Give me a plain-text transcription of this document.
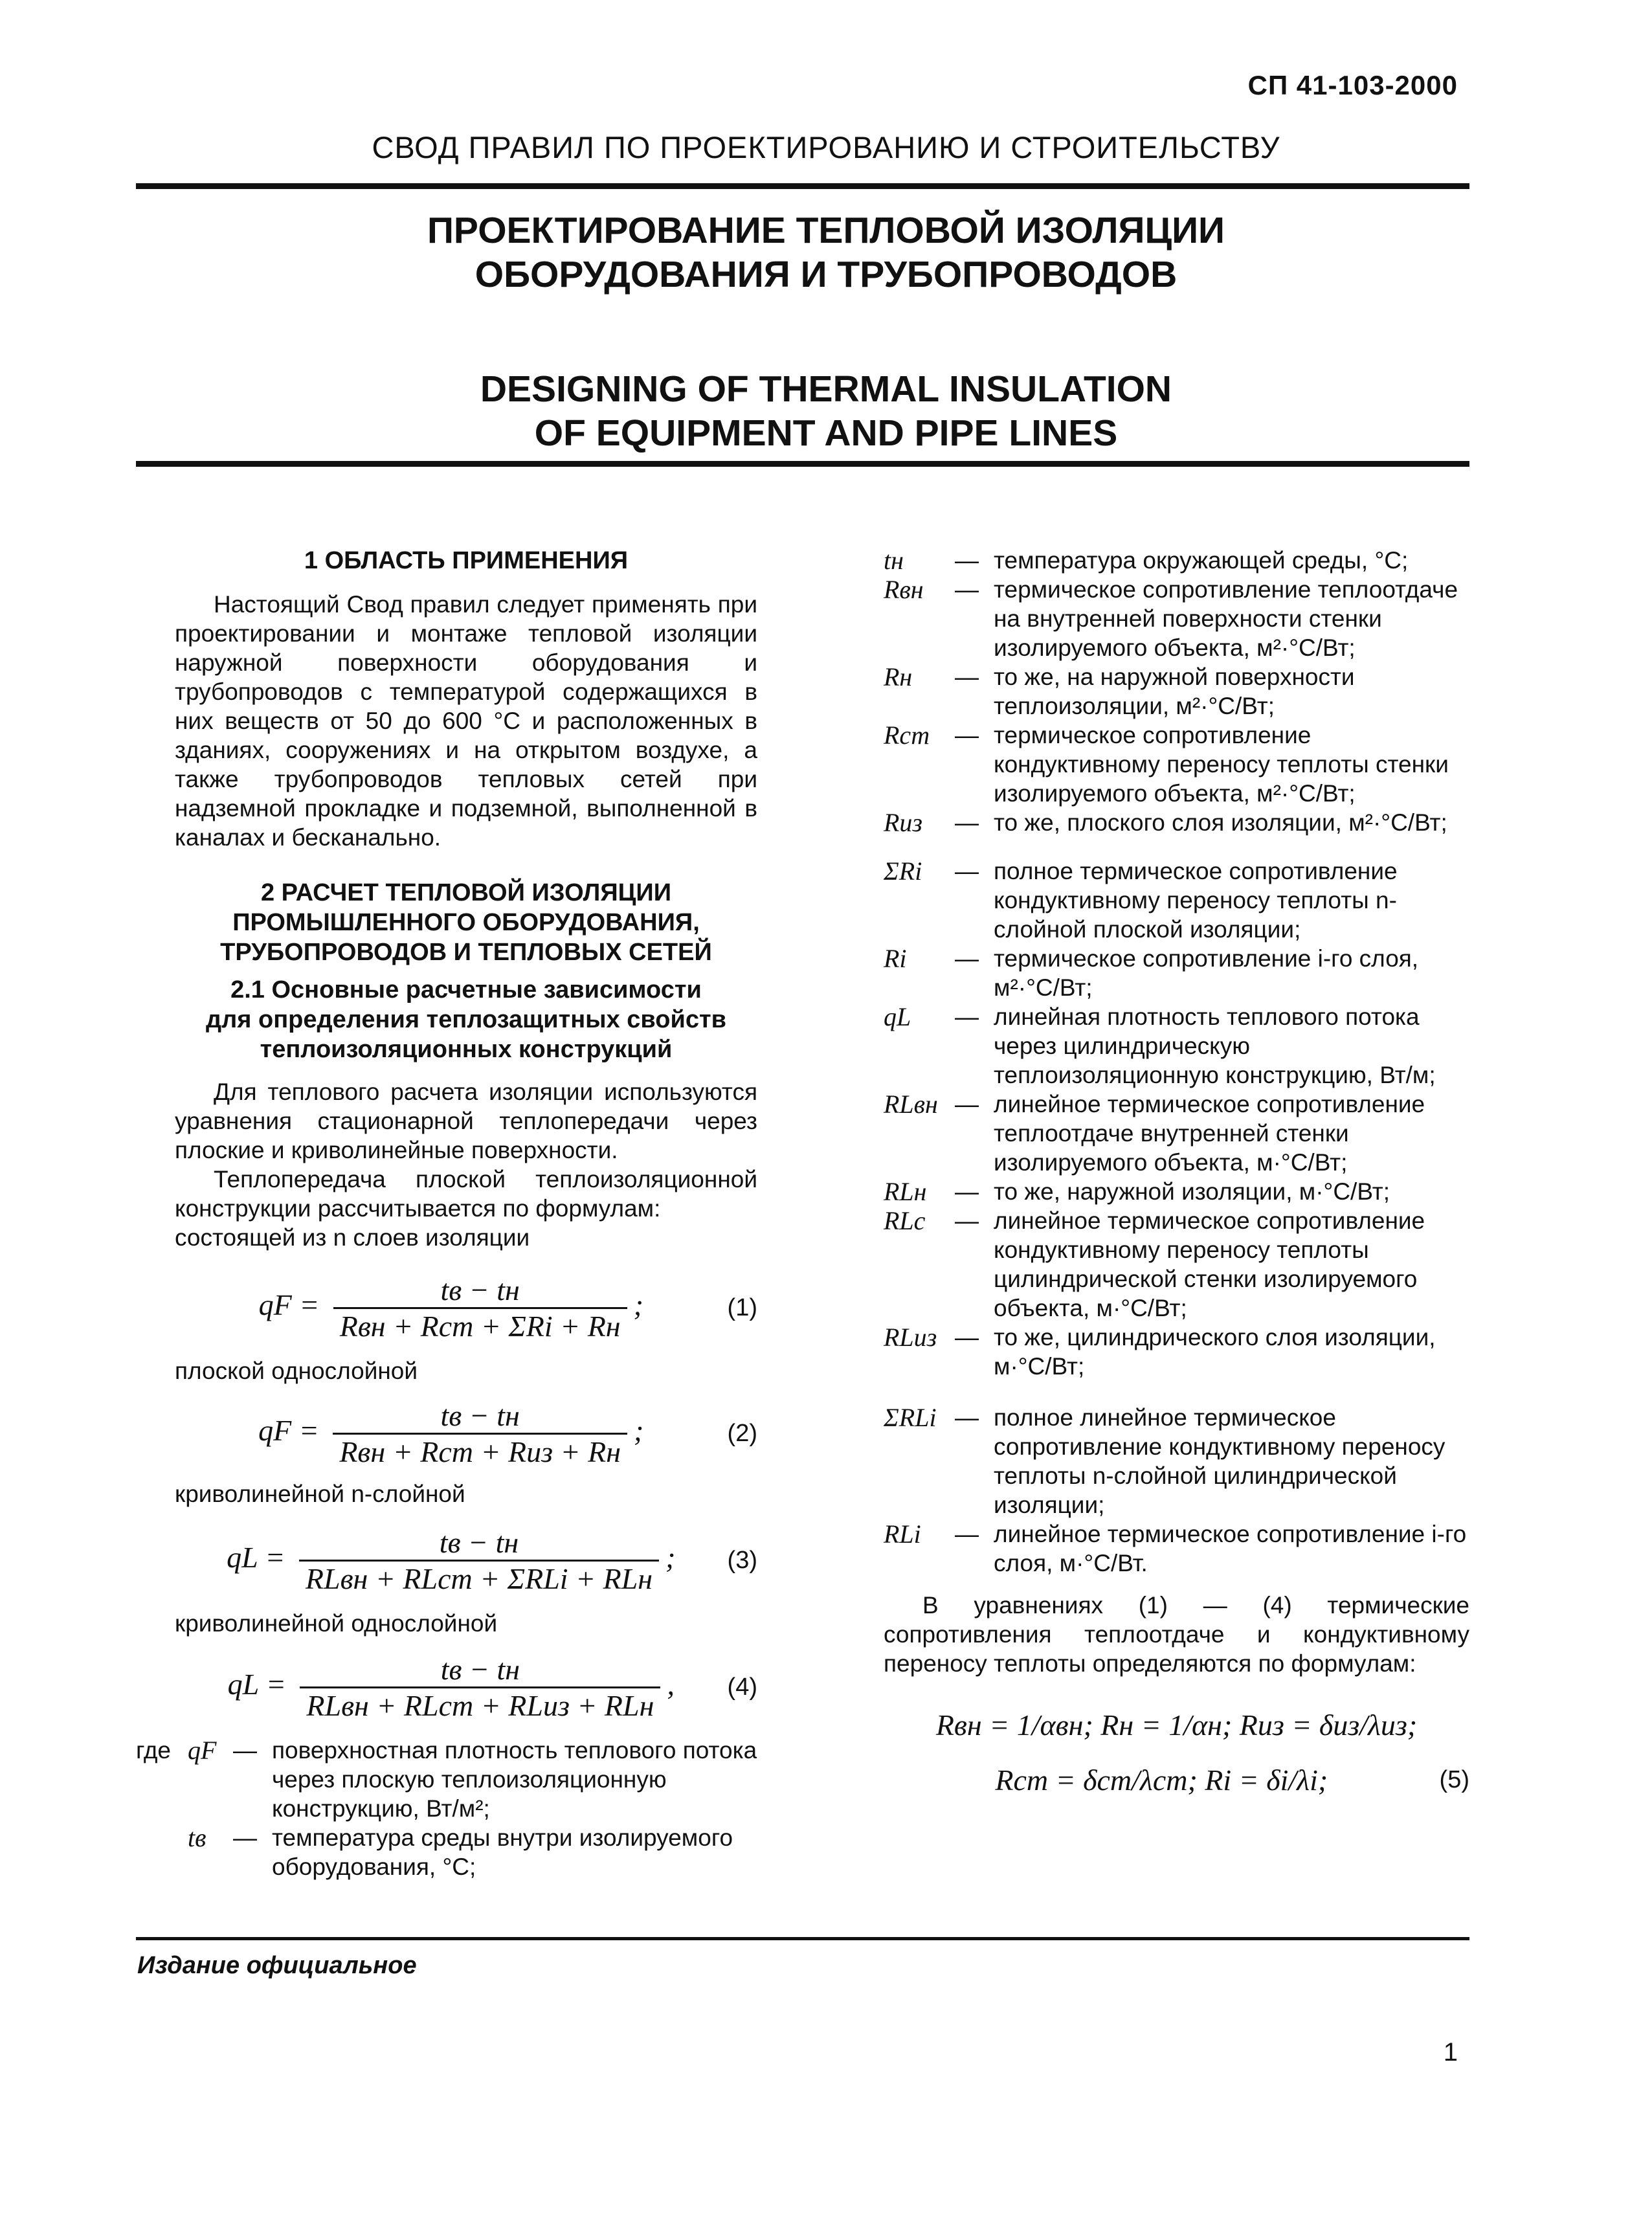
СП 41-103-2000
СВОД ПРАВИЛ ПО ПРОЕКТИРОВАНИЮ И СТРОИТЕЛЬСТВУ
ПРОЕКТИРОВАНИЕ ТЕПЛОВОЙ ИЗОЛЯЦИИ
ОБОРУДОВАНИЯ И ТРУБОПРОВОДОВ
DESIGNING OF THERMAL INSULATION
OF EQUIPMENT AND PIPE LINES
1 ОБЛАСТЬ ПРИМЕНЕНИЯ
Настоящий Свод правил следует применять при проектировании и монтаже тепловой изоляции наружной поверхности оборудования и трубопроводов с температурой содержащихся в них веществ от 50 до 600 °С и расположенных в зданиях, сооружениях и на открытом воздухе, а также трубопроводов тепловых сетей при надземной прокладке и подземной, выполненной в каналах и бесканально.
2 РАСЧЕТ ТЕПЛОВОЙ ИЗОЛЯЦИИ
ПРОМЫШЛЕННОГО ОБОРУДОВАНИЯ,
ТРУБОПРОВОДОВ И ТЕПЛОВЫХ СЕТЕЙ
2.1 Основные расчетные зависимости
для определения теплозащитных свойств
теплоизоляционных конструкций
Для теплового расчета изоляции используются уравнения стационарной теплопередачи через плоские и криволинейные поверхности.
Теплопередача плоской теплоизоляционной конструкции рассчитывается по формулам:
состоящей из n слоев изоляции
qF = $\frac{tв - tн}{\text{Rвн + Rст + ΣRi + Rн}}$ ;	(1)
плоской однослойной
qF = $\frac{tв - tн}{\text{Rвн + Rст + Rиз + Rн}}$ ;	(2)
криволинейной n-слойной
qL = $\frac{tв - tн}{\text{RLвн + RLст + ΣRLi + RLн}}$ ;	(3)
криволинейной однослойной
qL = $\frac{tв - tн}{\text{RLвн + RLст + RLиз + RLн}}$ ,	(4)
где qF — поверхностная плотность теплового потока через плоскую теплоизоляционную конструкцию, Вт/м²;
tв	— температура среды внутри изолируемого оборудования, °С;
tн	— температура окружающей среды, °С;
Rвн	— термическое сопротивление теплоотдаче на внутренней поверхности стенки изолируемого объекта, м²·°С/Вт;
Rн	— то же, на наружной поверхности теплоизоляции, м²·°С/Вт;
Rст	— термическое сопротивление кондуктивному переносу теплоты стенки изолируемого объекта, м²·°С/Вт;
Rиз	— то же, плоского слоя изоляции, м²·°С/Вт;
ΣRi	— полное термическое сопротивление кондуктивному переносу теплоты n-слойной плоской изоляции;
Ri	— термическое сопротивление i-го слоя, м²·°С/Вт;
qL	— линейная плотность теплового потока через цилиндрическую теплоизоляционную конструкцию, Вт/м;
RLвн — линейное термическое сопротивление теплоотдаче внутренней стенки изолируемого объекта, м·°С/Вт;
RLн	— то же, наружной изоляции, м·°С/Вт;
RLс	— линейное термическое сопротивление кондуктивному переносу теплоты цилиндрической стенки изолируемого объекта, м·°С/Вт;
RLиз — то же, цилиндрического слоя изоляции, м·°С/Вт;
ΣRLi — полное линейное термическое сопротивление кондуктивному переносу теплоты n-слойной цилиндрической изоляции;
RLi	— линейное термическое сопротивление i-го слоя, м·°С/Вт.
В уравнениях (1) — (4) термические сопротивления теплоотдаче и кондуктивному переносу теплоты определяются по формулам:
Rвн = 1/αвн; Rн = 1/αн; Rиз = δиз/λиз;
Rст = δст/λст; Ri = δi/λi;	(5)
Издание официальное
1
